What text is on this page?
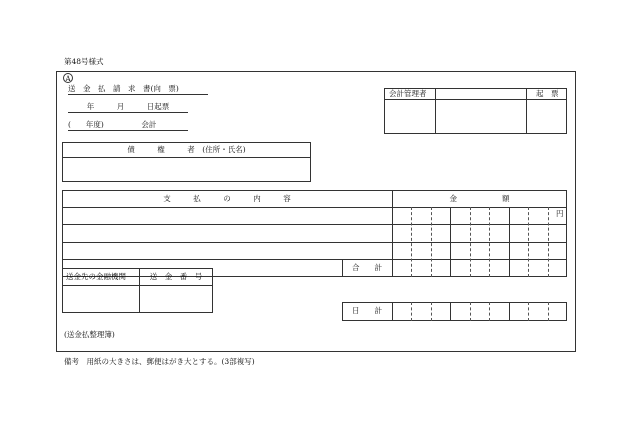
第48号様式
A
送　金　払　請　求　書(向　票)
年　　　月　　　日起票
(　　年度)　　　　　会計
会計管理者	起　票
債　　　権　　　者　(住所・氏名)
支　　　払　　　の　　　内　　　容	金　　　　　　額
円
合　　計
送金先の金融機関	送　金　番　号
日　　計
(送金払整理簿)
備考　用紙の大きさは、郵便はがき大とする。(3部複写)
